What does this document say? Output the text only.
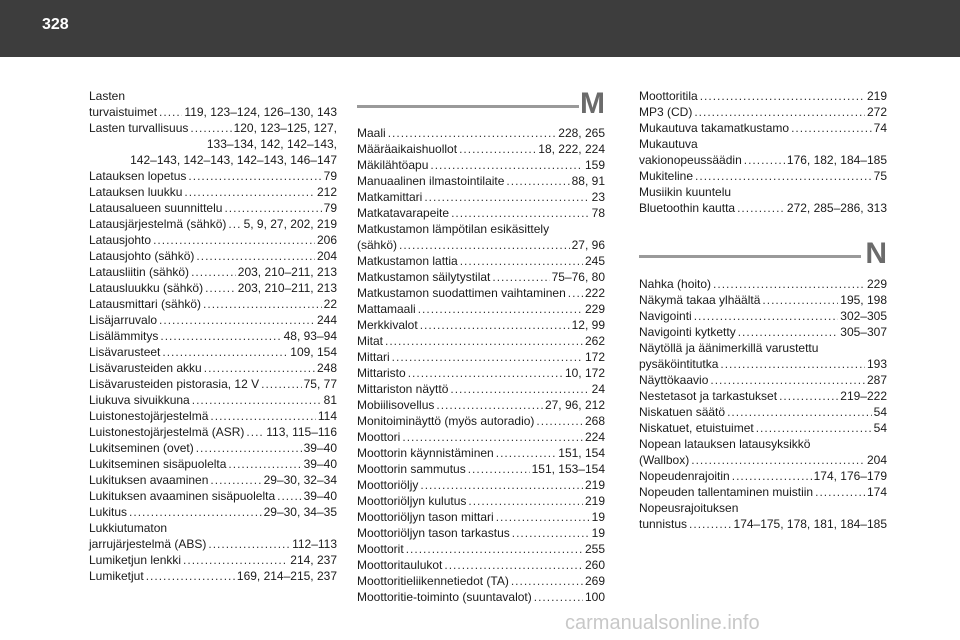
328
Lasten
turvaistuimet ..... 119, 123–124, 126–130, 143
Lasten turvallisuus .....	120, 123–125, 127,
133–134, 142, 142–143,
142–143, 142–143, 142–143, 146–147
Latauksen lopetus .....	79
Latauksen luukku .....	212
Latausalueen suunnittelu .....	79
Latausjärjestelmä (sähkö) ..... 5, 9, 27, 202, 219
Latausjohto .....	206
Latausjohto (sähkö) .....	204
Latausliitin (sähkö) .....	203, 210–211, 213
Latausluukku (sähkö) .....	203, 210–211, 213
Latausmittari (sähkö) .....	22
Lisäjarruvalo .....	244
Lisälämmitys .....	48, 93–94
Lisävarusteet .....	109, 154
Lisävarusteiden akku .....	248
Lisävarusteiden pistorasia, 12 V .....	75, 77
Liukuva sivuikkuna .....	81
Luistonestojärjestelmä .....	114
Luistonestojärjestelmä (ASR) ..... 113, 115–116
Lukitseminen (ovet) .....	39–40
Lukitseminen sisäpuolelta .....	39–40
Lukituksen avaaminen .....	29–30, 32–34
Lukituksen avaaminen sisäpuolelta ..... 39–40
Lukitus .....	29–30, 34–35
Lukkiutumaton
jarrujärjestelmä (ABS) .....	112–113
Lumiketjun lenkki .....	214, 237
Lumiketjut .....	169, 214–215, 237
M
Maali .....	228, 265
Määräaikaishuollot .....	18, 222, 224
Mäkilähtöapu .....	159
Manuaalinen ilmastointilaite .....	88, 91
Matkamittari .....	23
Matkatavarapeite .....	78
Matkustamon lämpötilan esikäsittely
(sähkö) .....	27, 96
Matkustamon lattia .....	245
Matkustamon säilytystilat .....	75–76, 80
Matkustamon suodattimen vaihtaminen ..... 222
Mattamaali .....	229
Merkkivalot .....	12, 99
Mitat .....	262
Mittari .....	172
Mittaristo .....	10, 172
Mittariston näyttö .....	24
Mobiilisovellus .....	27, 96, 212
Monitoiminäyttö (myös autoradio) .....	268
Moottori .....	224
Moottorin käynnistäminen .....	151, 154
Moottorin sammutus .....	151, 153–154
Moottoriöljy .....	219
Moottoriöljyn kulutus .....	219
Moottoriöljyn tason mittari .....	19
Moottoriöljyn tason tarkastus .....	19
Moottorit .....	255
Moottoritaulukot .....	260
Moottoritieliikennetiedot (TA) .....	269
Moottoritie-toiminto (suuntavalot) .....	100
Moottoritila .....	219
MP3 (CD) .....	272
Mukautuva takamatkustamo .....	74
Mukautuva
vakionopeussäädin .....	176, 182, 184–185
Mukiteline .....	75
Musiikin kuuntelu
Bluetoothin kautta .....	272, 285–286, 313
N
Nahka (hoito) .....	229
Näkymä takaa ylhäältä .....	195, 198
Navigointi .....	302–305
Navigointi kytketty .....	305–307
Näytöllä ja äänimerkillä varustettu
pysäköintitutka .....	193
Näyttökaavio .....	287
Nestetasot ja tarkastukset .....	219–222
Niskatuen säätö .....	54
Niskatuet, etuistuimet .....	54
Nopean latauksen latausyksikkö
(Wallbox) .....	204
Nopeudenrajoitin .....	174, 176–179
Nopeuden tallentaminen muistiin .....	174
Nopeusrajoituksen
tunnistus .....	174–175, 178, 181, 184–185
carmanualsonline.info
